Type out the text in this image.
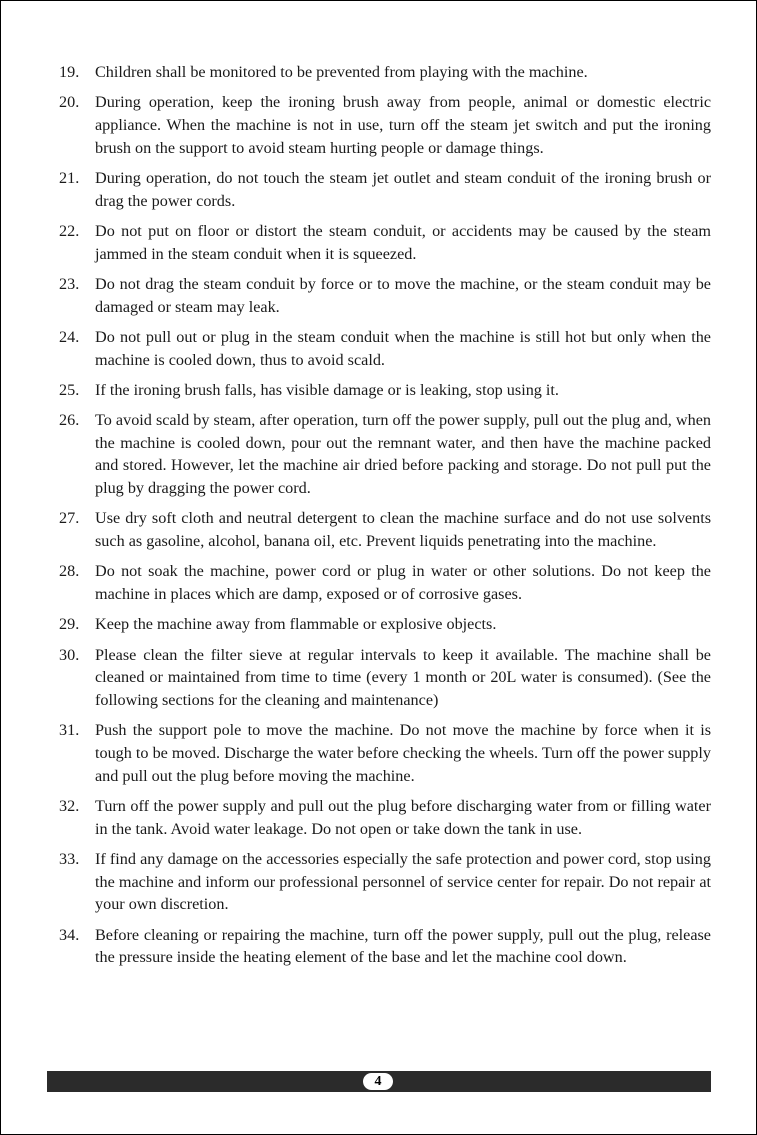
19. Children shall be monitored to be prevented from playing with the machine.
20. During operation, keep the ironing brush away from people, animal or domestic electric appliance. When the machine is not in use, turn off the steam jet switch and put the ironing brush on the support to avoid steam hurting people or damage things.
21. During operation, do not touch the steam jet outlet and steam conduit of the ironing brush or drag the power cords.
22. Do not put on floor or distort the steam conduit, or accidents may be caused by the steam jammed in the steam conduit when it is squeezed.
23. Do not drag the steam conduit by force or to move the machine, or the steam conduit may be damaged or steam may leak.
24. Do not pull out or plug in the steam conduit when the machine is still hot but only when the machine is cooled down, thus to avoid scald.
25. If the ironing brush falls, has visible damage or is leaking, stop using it.
26. To avoid scald by steam, after operation, turn off the power supply, pull out the plug and, when the machine is cooled down, pour out the remnant water, and then have the machine packed and stored. However, let the machine air dried before packing and storage. Do not pull put the plug by dragging the power cord.
27. Use dry soft cloth and neutral detergent to clean the machine surface and do not use solvents such as gasoline, alcohol, banana oil, etc. Prevent liquids penetrating into the machine.
28. Do not soak the machine, power cord or plug in water or other solutions. Do not keep the machine in places which are damp, exposed or of corrosive gases.
29. Keep the machine away from flammable or explosive objects.
30. Please clean the filter sieve at regular intervals to keep it available. The machine shall be cleaned or maintained from time to time (every 1 month or 20L water is consumed). (See the following sections for the cleaning and maintenance)
31. Push the support pole to move the machine. Do not move the machine by force when it is tough to be moved. Discharge the water before checking the wheels. Turn off the power supply and pull out the plug before moving the machine.
32. Turn off the power supply and pull out the plug before discharging water from or filling water in the tank. Avoid water leakage. Do not open or take down the tank in use.
33. If find any damage on the accessories especially the safe protection and power cord, stop using the machine and inform our professional personnel of service center for repair. Do not repair at your own discretion.
34. Before cleaning or repairing the machine, turn off the power supply, pull out the plug, release the pressure inside the heating element of the base and let the machine cool down.
4
